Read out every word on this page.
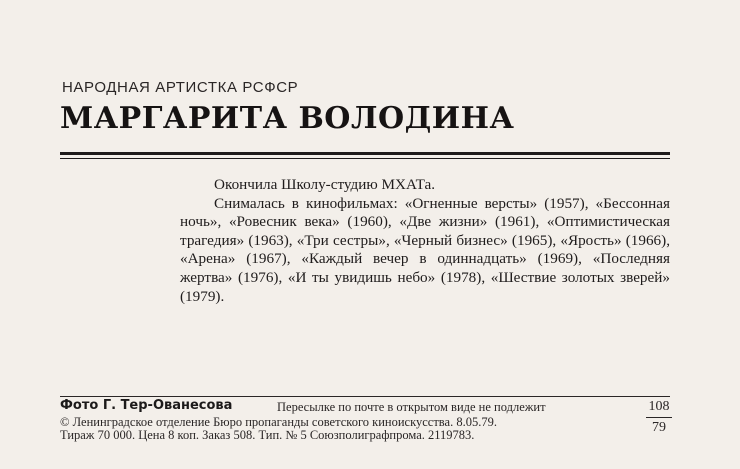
НАРОДНАЯ АРТИСТКА РСФСР
МАРГАРИТА ВОЛОДИНА

Окончила Школу-студию МХАТа.

Снималась в кинофильмах: «Огненные версты» (1957), «Бессонная ночь», «Ровесник века» (1960), «Две жизни» (1961), «Оптимистическая трагедия» (1963), «Три сестры», «Черный бизнес» (1965), «Ярость» (1966), «Арена» (1967), «Каждый вечер в одиннадцать» (1969), «Последняя жертва» (1976), «И ты увидишь небо» (1978), «Шествие золотых зверей» (1979).

Фото Г. Тер-Ованесова	Пересылке по почте в открытом виде не подлежит
© Ленинградское отделение Бюро пропаганды советского киноискусства. 8.05.79.
Тираж 70 000. Цена 8 коп. Заказ 508. Тип. № 5 Союзполиграфпрома. 2119783.
108
79
